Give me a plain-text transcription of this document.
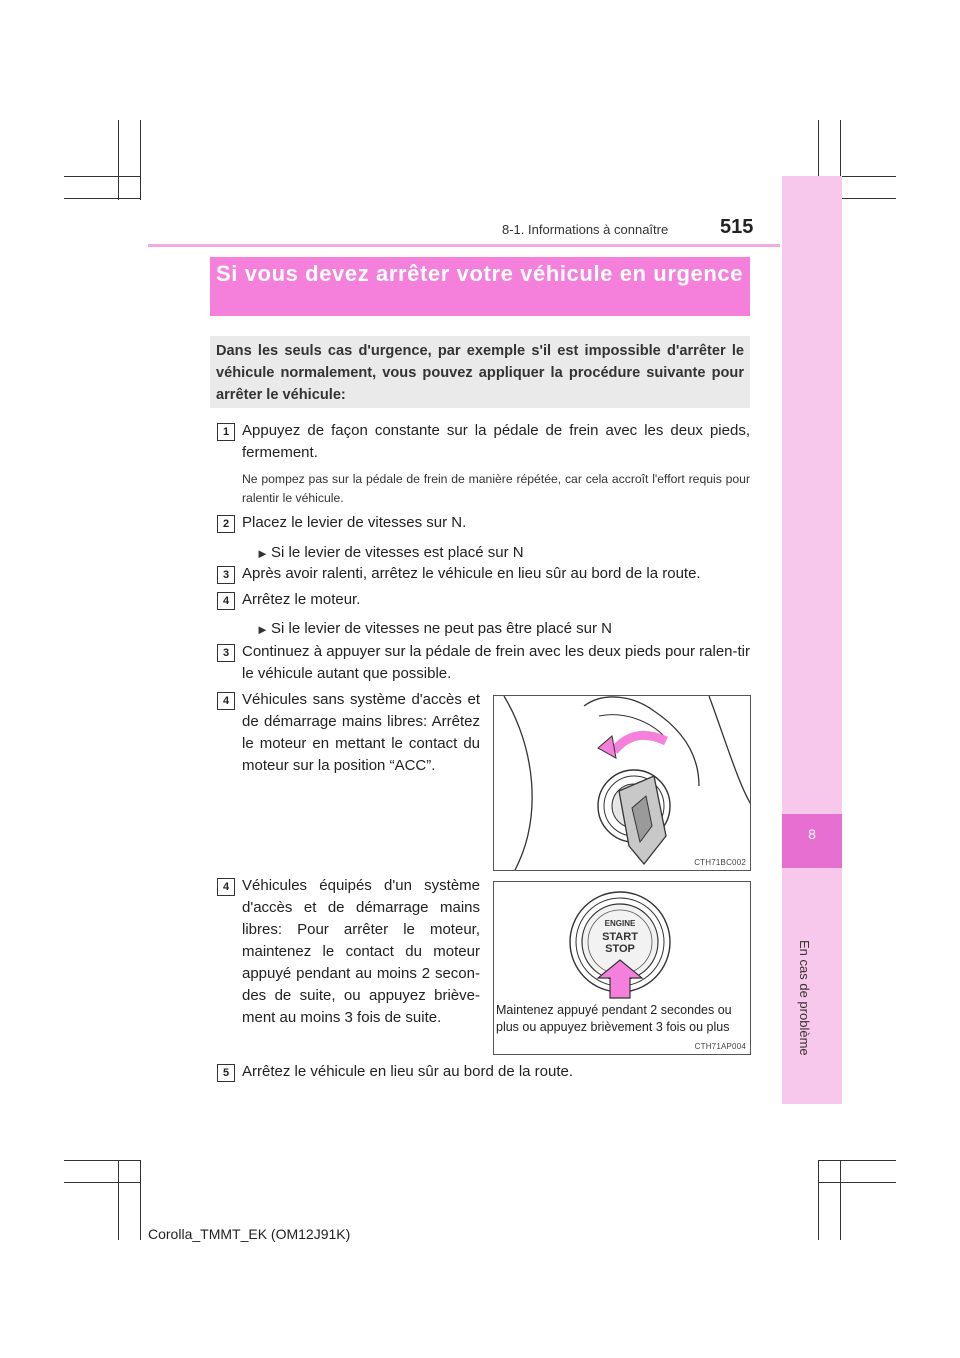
8
En cas de problème
8-1. Informations à connaître	515
Si vous devez arrêter votre véhicule en urgence
Dans les seuls cas d'urgence, par exemple s'il est impossible d'arrêter le véhicule normalement, vous pouvez appliquer la procédure suivante pour arrêter le véhicule:
1 Appuyez de façon constante sur la pédale de frein avec les deux pieds, fermement.
Ne pompez pas sur la pédale de frein de manière répétée, car cela accroît l'effort requis pour ralentir le véhicule.
2 Placez le levier de vitesses sur N.
► Si le levier de vitesses est placé sur N
3 Après avoir ralenti, arrêtez le véhicule en lieu sûr au bord de la route.
4 Arrêtez le moteur.
► Si le levier de vitesses ne peut pas être placé sur N
3 Continuez à appuyer sur la pédale de frein avec les deux pieds pour ralen-tir le véhicule autant que possible.
4 Véhicules sans système d'accès et de démarrage mains libres: Arrêtez le moteur en mettant le contact du moteur sur la position “ACC”.
CTH71BC002
4 Véhicules équipés d'un système d'accès et de démarrage mains libres: Pour arrêter le moteur, maintenez le contact du moteur appuyé pendant au moins 2 secon-des de suite, ou appuyez briève-ment au moins 3 fois de suite.
ENGINE
START
STOP
Maintenez appuyé pendant 2 secondes ou plus ou appuyez brièvement 3 fois ou plus
CTH71AP004
5 Arrêtez le véhicule en lieu sûr au bord de la route.
Corolla_TMMT_EK (OM12J91K)
